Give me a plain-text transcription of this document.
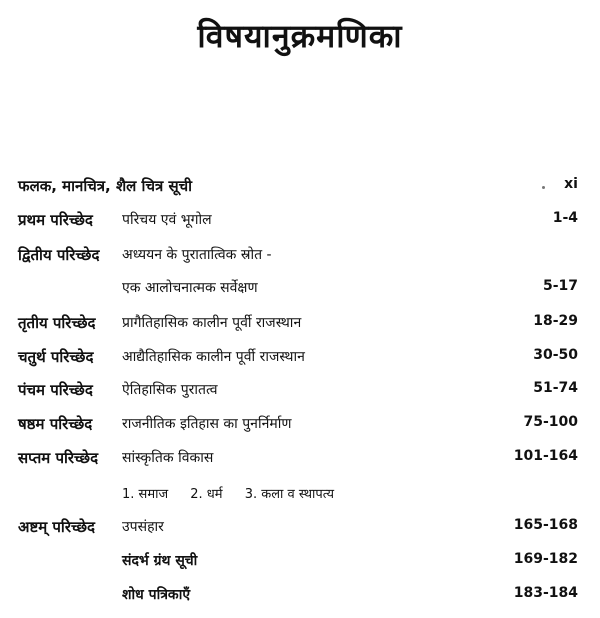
विषयानुक्रमणिका
फलक, मानचित्र, शैल चित्र सूची	xi
प्रथम परिच्छेद परिचय एवं भूगोल	1-4
द्वितीय परिच्छेद अध्ययन के पुरातात्विक स्रोत -
एक आलोचनात्मक सर्वेक्षण	5-17
तृतीय परिच्छेद प्रागैतिहासिक कालीन पूर्वी राजस्थान	18-29
चतुर्थ परिच्छेद आद्यैतिहासिक कालीन पूर्वी राजस्थान	30-50
पंचम परिच्छेद ऐतिहासिक पुरातत्व	51-74
षष्ठम परिच्छेद राजनीतिक इतिहास का पुनर्निर्माण	75-100
सप्तम परिच्छेद सांस्कृतिक विकास	101-164
1. समाज 2. धर्म 3. कला व स्थापत्य
अष्टम् परिच्छेद उपसंहार	165-168
संदर्भ ग्रंथ सूची	169-182
शोध पत्रिकाएँ	183-184
